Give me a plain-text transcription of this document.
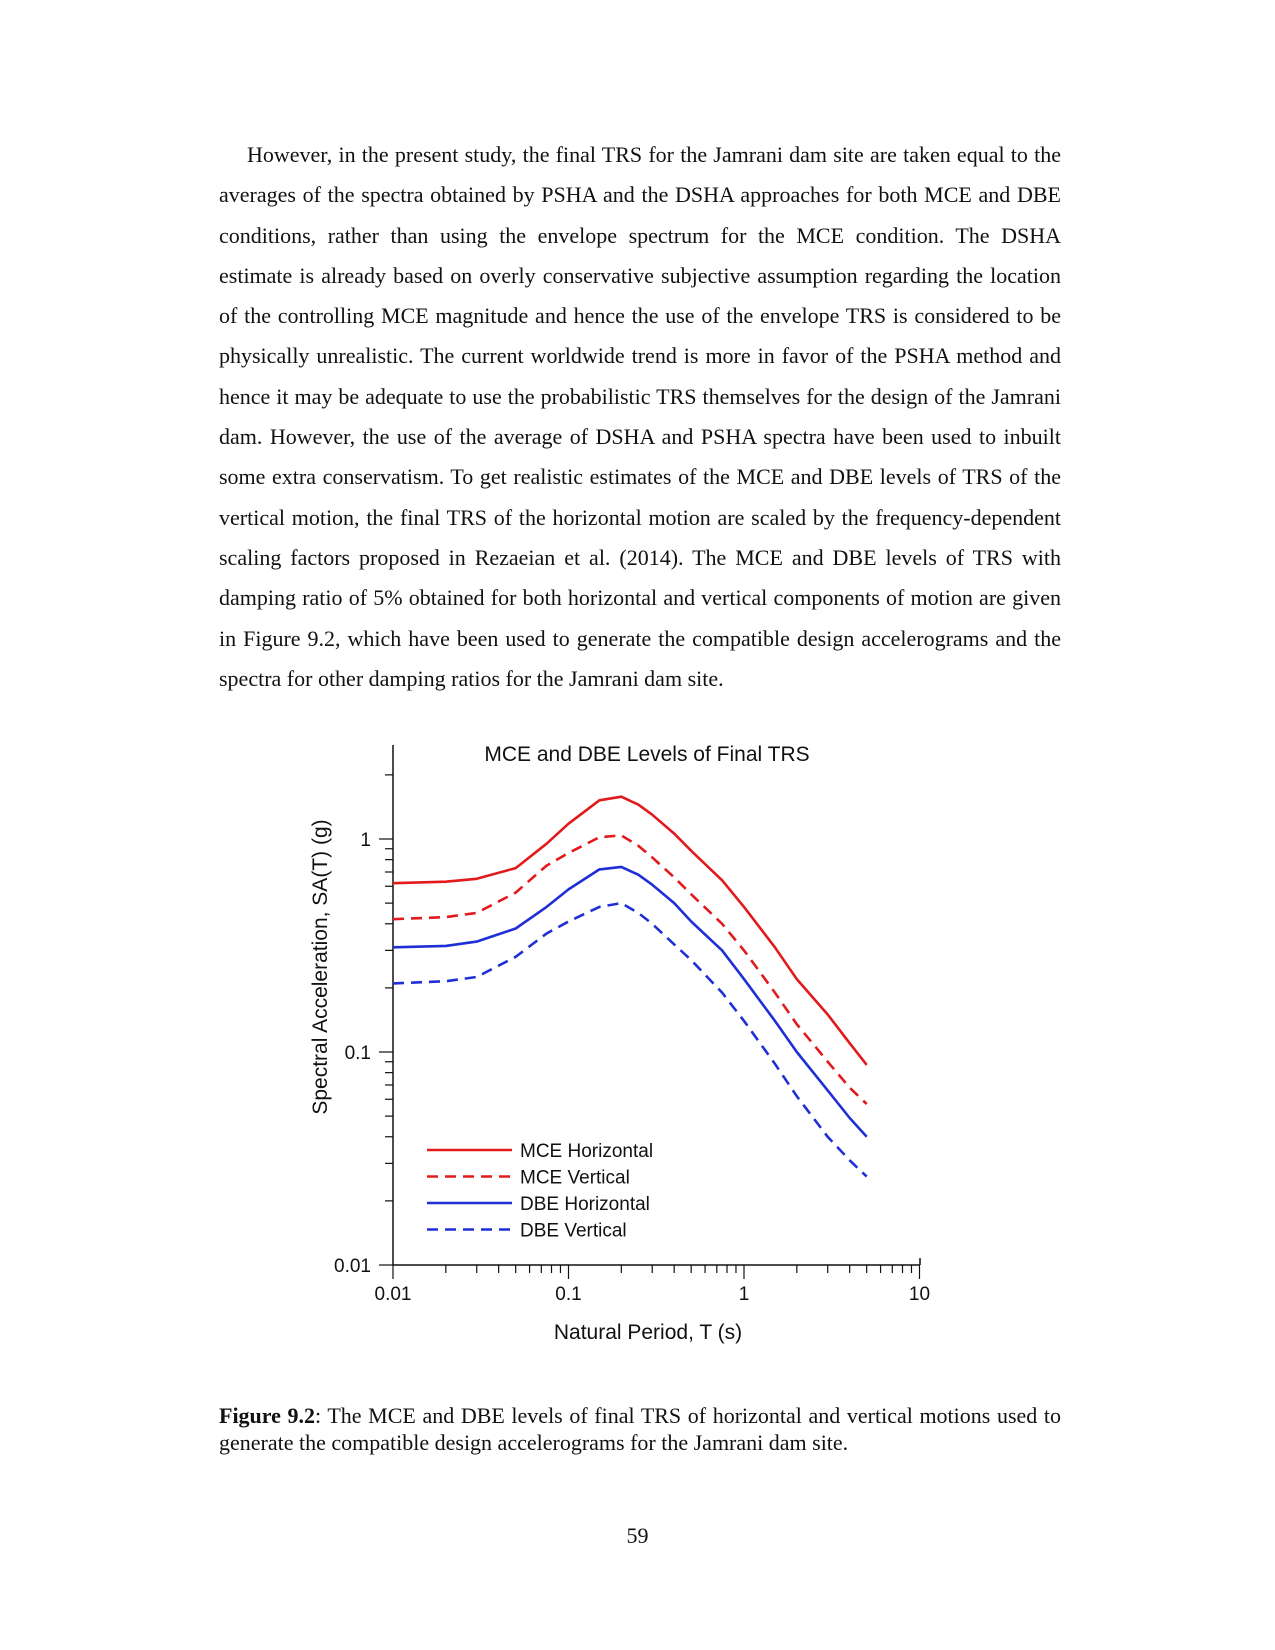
However, in the present study, the final TRS for the Jamrani dam site are taken equal to the averages of the spectra obtained by PSHA and the DSHA approaches for both MCE and DBE conditions, rather than using the envelope spectrum for the MCE condition. The DSHA estimate is already based on overly conservative subjective assumption regarding the location of the controlling MCE magnitude and hence the use of the envelope TRS is considered to be physically unrealistic. The current worldwide trend is more in favor of the PSHA method and hence it may be adequate to use the probabilistic TRS themselves for the design of the Jamrani dam. However, the use of the average of DSHA and PSHA spectra have been used to inbuilt some extra conservatism. To get realistic estimates of the MCE and DBE levels of TRS of the vertical motion, the final TRS of the horizontal motion are scaled by the frequency-dependent scaling factors proposed in Rezaeian et al. (2014). The MCE and DBE levels of TRS with damping ratio of 5% obtained for both horizontal and vertical components of motion are given in Figure 9.2, which have been used to generate the compatible design accelerograms and the spectra for other damping ratios for the Jamrani dam site.

MCE and DBE Levels of Final TRS
Spectral Acceleration, SA(T) (g)
Natural Period, T (s)
0.01
0.1
1
0.01	0.1	1	10
MCE Horizontal
MCE Vertical
DBE Horizontal
DBE Vertical

Figure 9.2: The MCE and DBE levels of final TRS of horizontal and vertical motions used to generate the compatible design accelerograms for the Jamrani dam site.

59
